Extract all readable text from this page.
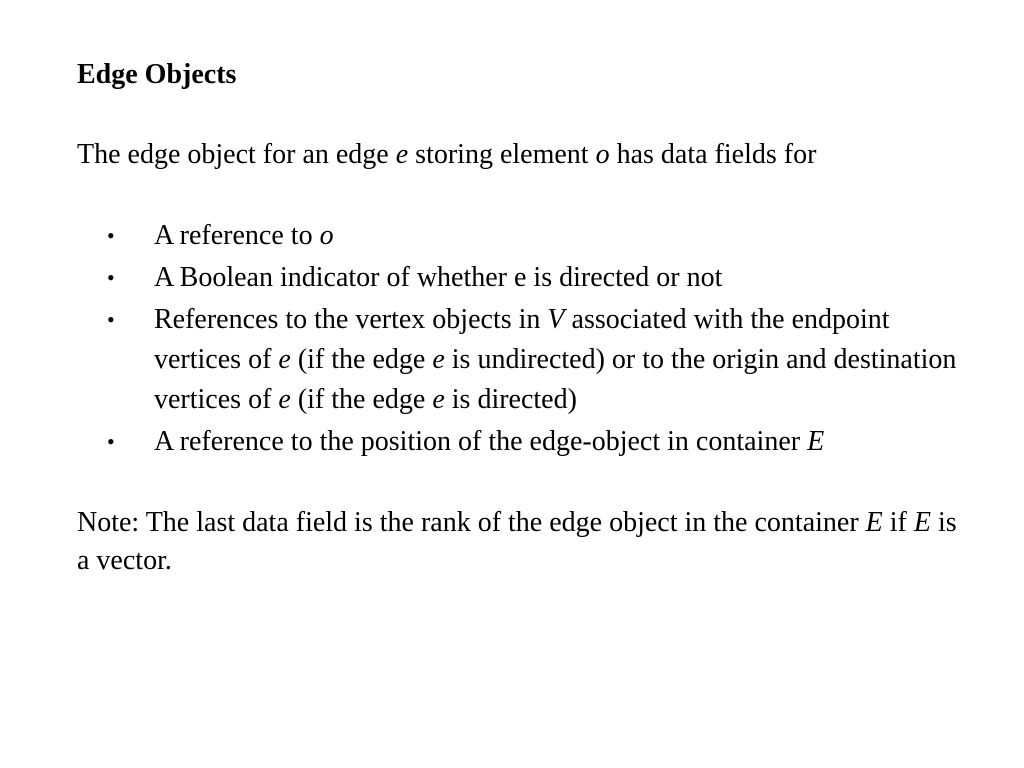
Edge Objects

The edge object for an edge e storing element o has data fields for

• A reference to o
• A Boolean indicator of whether e is directed or not
• References to the vertex objects in V associated with the endpoint vertices of e (if the edge e is undirected) or to the origin and destination vertices of e (if the edge e is directed)
• A reference to the position of the edge-object in container E

Note: The last data field is the rank of the edge object in the container E if E is a vector.
